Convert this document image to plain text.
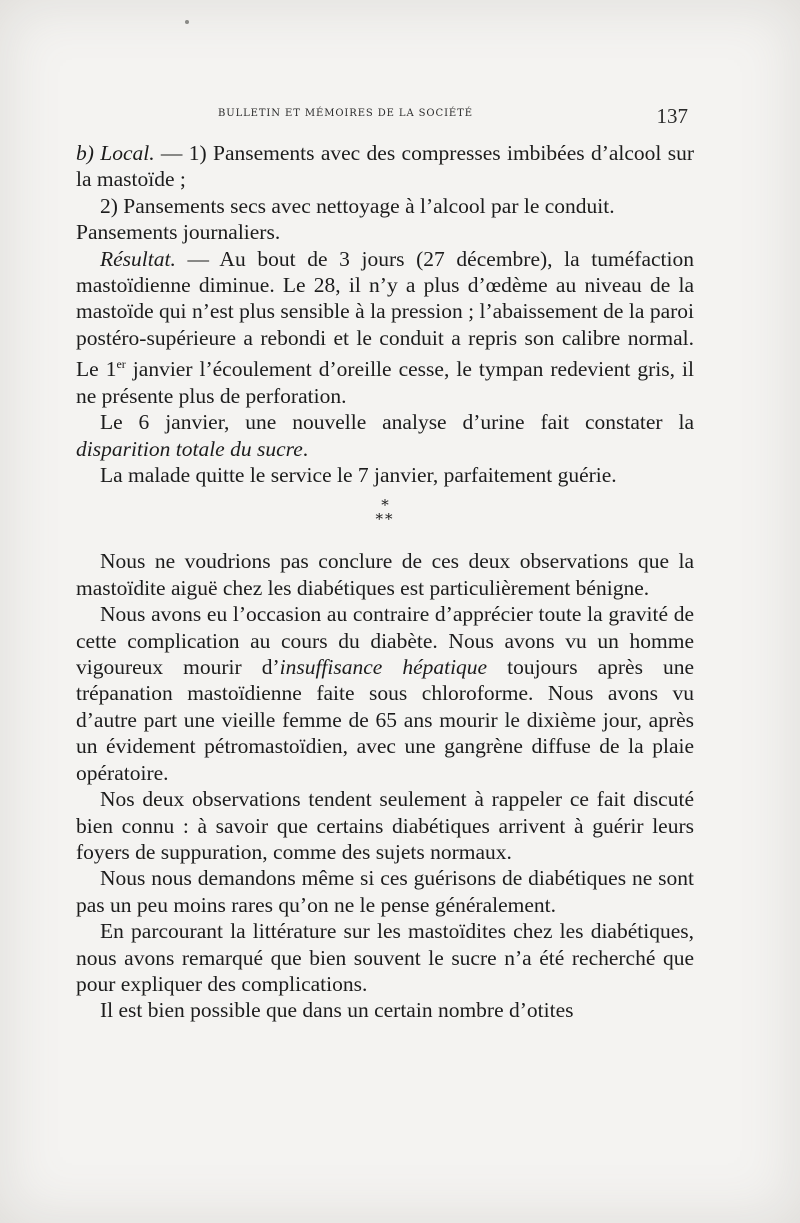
BULLETIN ET MÉMOIRES DE LA SOCIÉTÉ	137

b) Local. — 1) Pansements avec des compresses imbibées d’alcool sur la mastoïde ;

2) Pansements secs avec nettoyage à l’alcool par le conduit.

Pansements journaliers.

Résultat. — Au bout de 3 jours (27 décembre), la tuméfaction mastoïdienne diminue. Le 28, il n’y a plus d’œdème au niveau de la mastoïde qui n’est plus sensible à la pression ; l’abaissement de la paroi postéro-supérieure a rebondi et le conduit a repris son calibre normal. Le 1er janvier l’écoulement d’oreille cesse, le tympan redevient gris, il ne présente plus de perforation.

Le 6 janvier, une nouvelle analyse d’urine fait constater la disparition totale du sucre.

La malade quitte le service le 7 janvier, parfaitement guérie.

*
**

Nous ne voudrions pas conclure de ces deux observations que la mastoïdite aiguë chez les diabétiques est particulièrement bénigne.

Nous avons eu l’occasion au contraire d’apprécier toute la gravité de cette complication au cours du diabète. Nous avons vu un homme vigoureux mourir d’insuffisance hépatique toujours après une trépanation mastoïdienne faite sous chloroforme. Nous avons vu d’autre part une vieille femme de 65 ans mourir le dixième jour, après un évidement pétromastoïdien, avec une gangrène diffuse de la plaie opératoire.

Nos deux observations tendent seulement à rappeler ce fait discuté bien connu : à savoir que certains diabétiques arrivent à guérir leurs foyers de suppuration, comme des sujets normaux.

Nous nous demandons même si ces guérisons de diabétiques ne sont pas un peu moins rares qu’on ne le pense généralement.

En parcourant la littérature sur les mastoïdites chez les diabétiques, nous avons remarqué que bien souvent le sucre n’a été recherché que pour expliquer des complications.

Il est bien possible que dans un certain nombre d’otites
